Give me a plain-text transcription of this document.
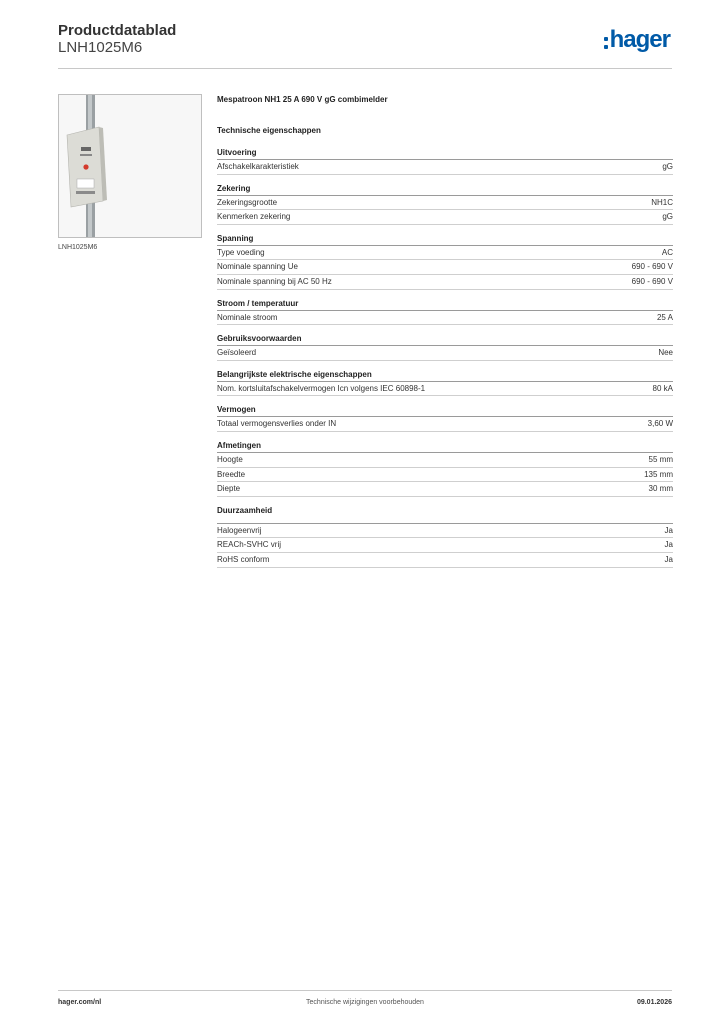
Productdatablad
LNH1025M6	hager
LNH1025M6
Mespatroon NH1 25 A 690 V gG combimelder
Technische eigenschappen
Uitvoering
Afschakelkarakteristiek	gG
Zekering
Zekeringsgrootte	NH1C
Kenmerken zekering	gG
Spanning
Type voeding	AC
Nominale spanning Ue	690 - 690 V
Nominale spanning bij AC 50 Hz	690 - 690 V
Stroom / temperatuur
Nominale stroom	25 A
Gebruiksvoorwaarden
Geïsoleerd	Nee
Belangrijkste elektrische eigenschappen
Nom. kortsluitafschakelvermogen Icn volgens IEC 60898-1	80 kA
Vermogen
Totaal vermogensverlies onder IN	3,60 W
Afmetingen
Hoogte	55 mm
Breedte	135 mm
Diepte	30 mm
Duurzaamheid
Halogeenvrij	Ja
REACh-SVHC vrij	Ja
RoHS conform	Ja
hager.com/nl	Technische wijzigingen voorbehouden	09.01.2026
